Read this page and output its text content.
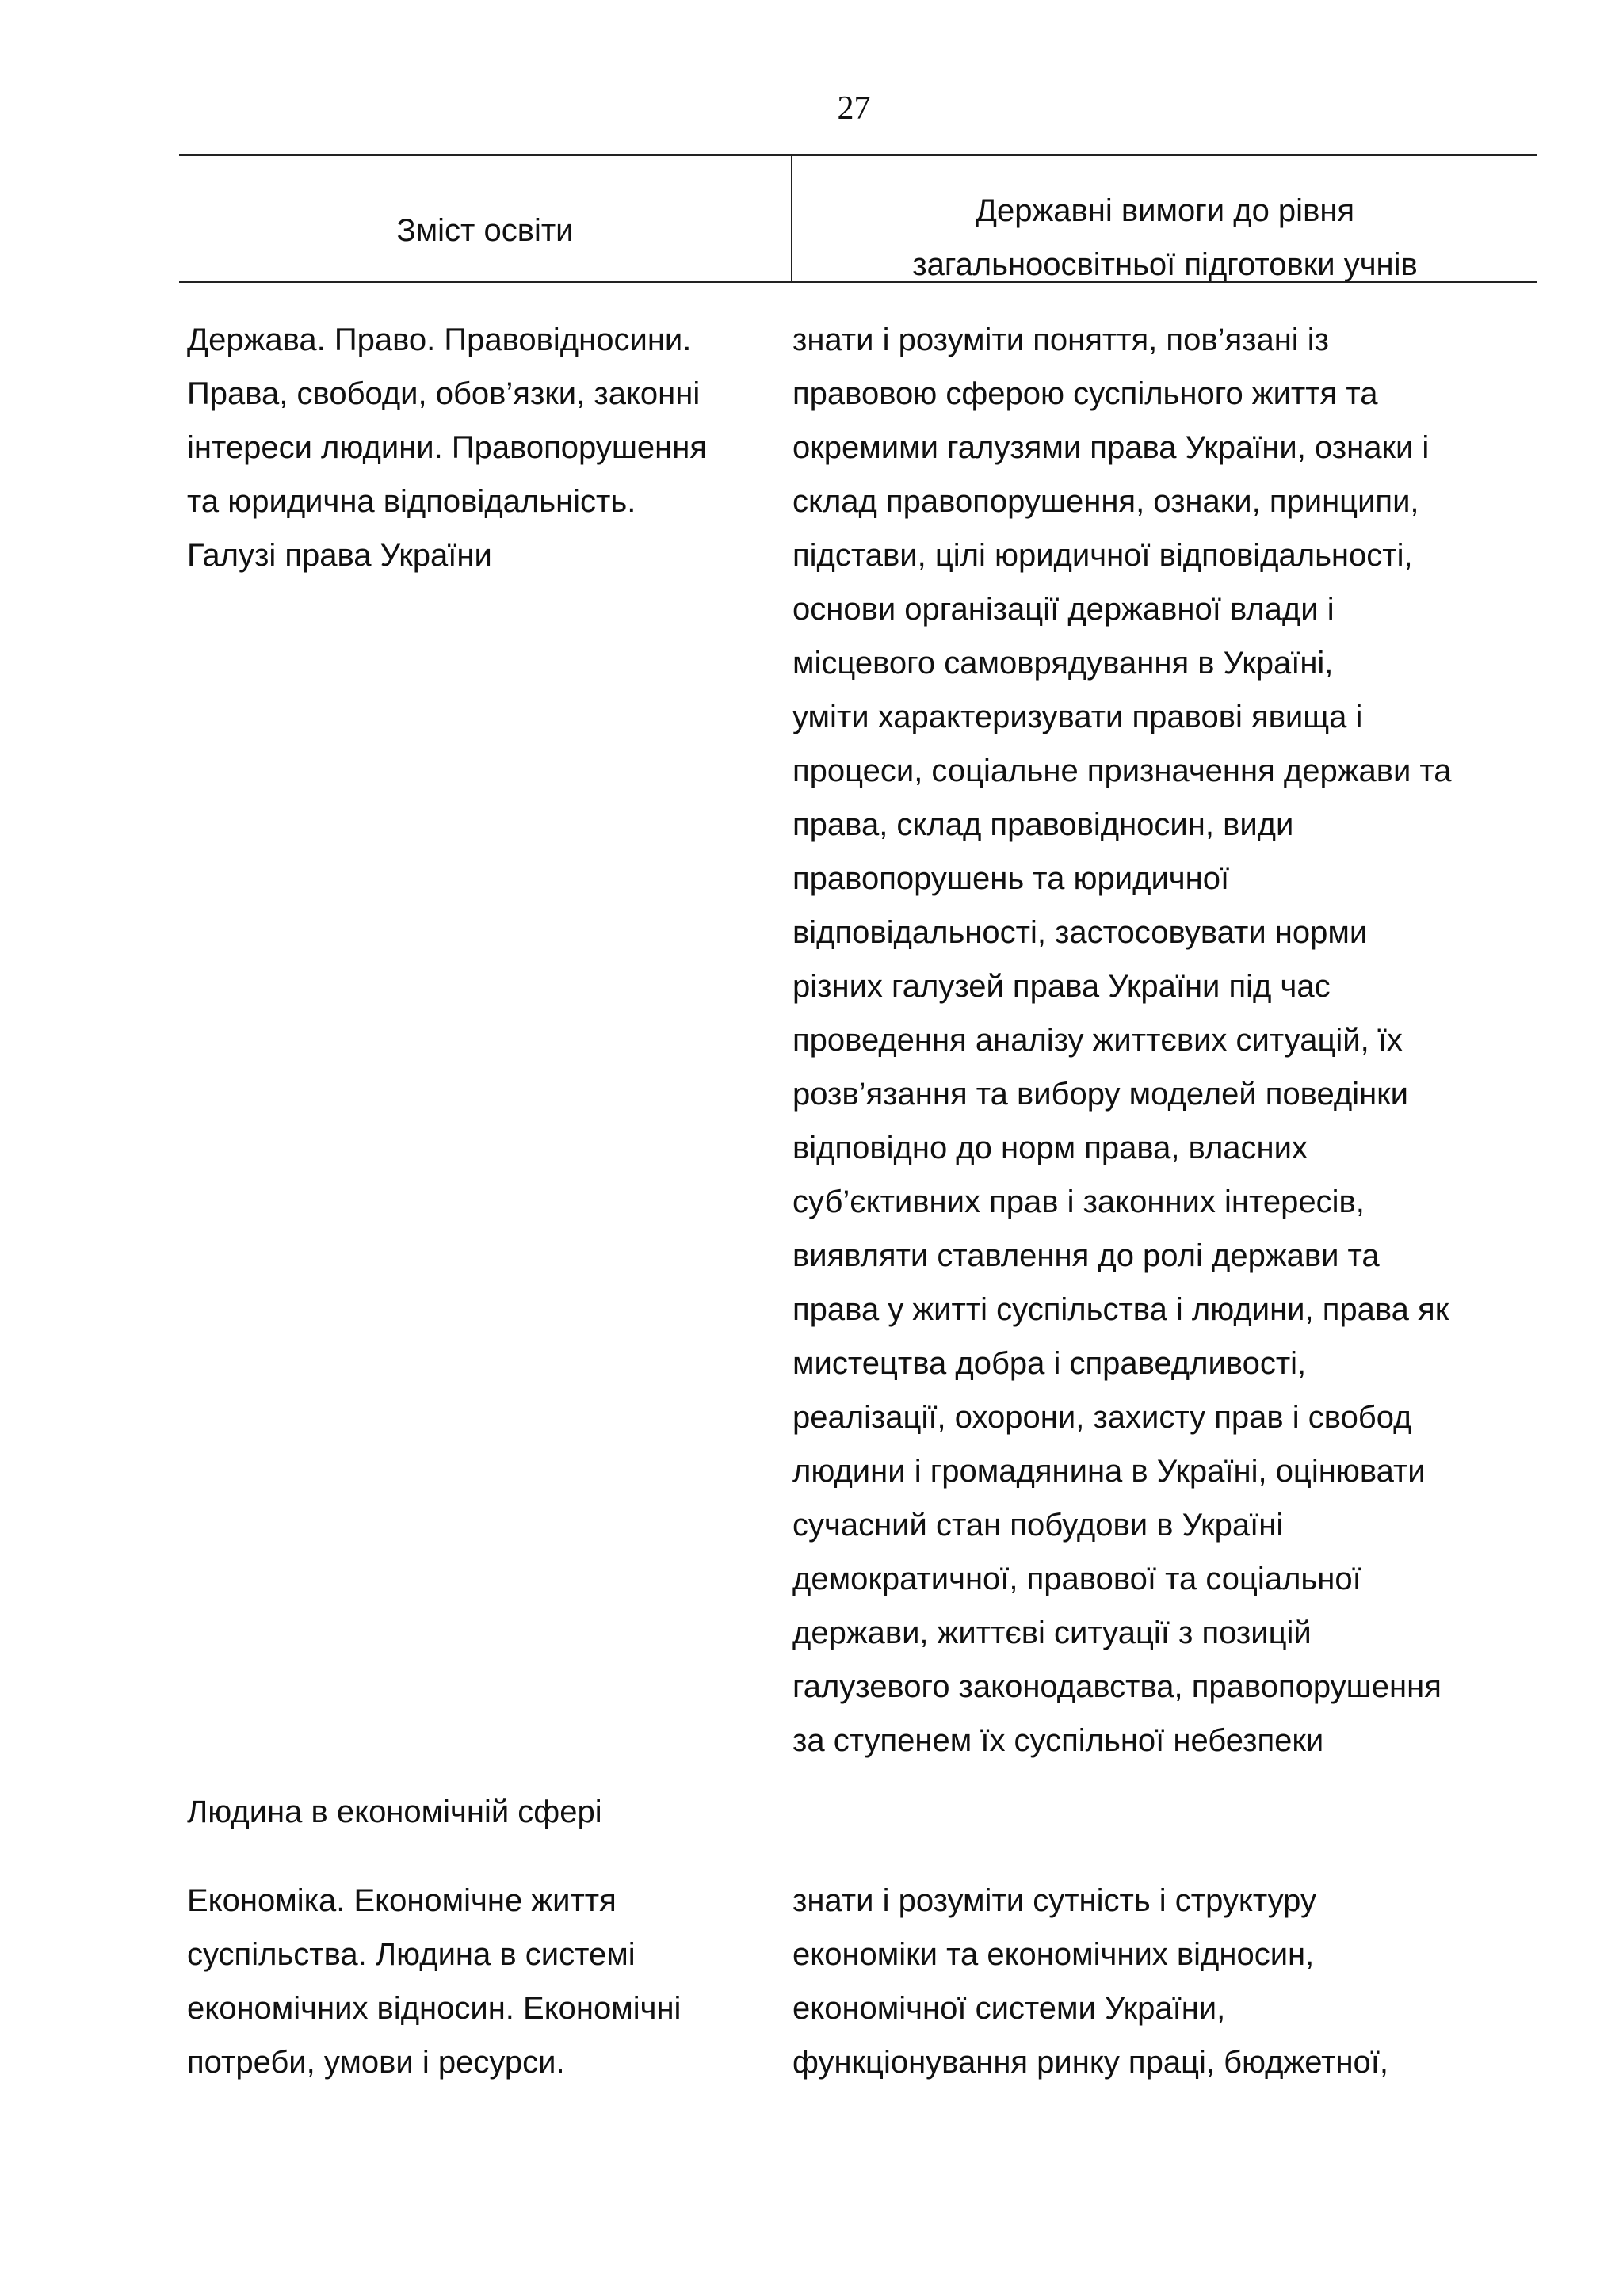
27
Зміст освіти
Державні вимоги до рівня
загальноосвітньої підготовки учнів
Держава. Право. Правовідносини.
Права, свободи, обов’язки, законні
інтереси людини. Правопорушення
та юридична відповідальність.
Галузі права України
знати і розуміти поняття, пов’язані із
правовою сферою суспільного життя та
окремими галузями права України, ознаки і
склад правопорушення, ознаки, принципи,
підстави, цілі юридичної відповідальності,
основи організації державної влади і
місцевого самоврядування в Україні,
уміти характеризувати правові явища і
процеси, соціальне призначення держави та
права, склад правовідносин, види
правопорушень та юридичної
відповідальності, застосовувати норми
різних галузей права України під час
проведення аналізу життєвих ситуацій, їх
розв’язання та вибору моделей поведінки
відповідно до норм права, власних
суб’єктивних прав і законних інтересів,
виявляти ставлення до ролі держави та
права у житті суспільства і людини, права як
мистецтва добра і справедливості,
реалізації, охорони, захисту прав і свобод
людини і громадянина в Україні, оцінювати
сучасний стан побудови в Україні
демократичної, правової та соціальної
держави, життєві ситуації з позицій
галузевого законодавства, правопорушення
за ступенем їх суспільної небезпеки
Людина в економічній сфері
Економіка. Економічне життя
суспільства. Людина в системі
економічних відносин. Економічні
потреби, умови і ресурси.
знати і розуміти сутність і структуру
економіки та економічних відносин,
економічної системи України,
функціонування ринку праці, бюджетної,
